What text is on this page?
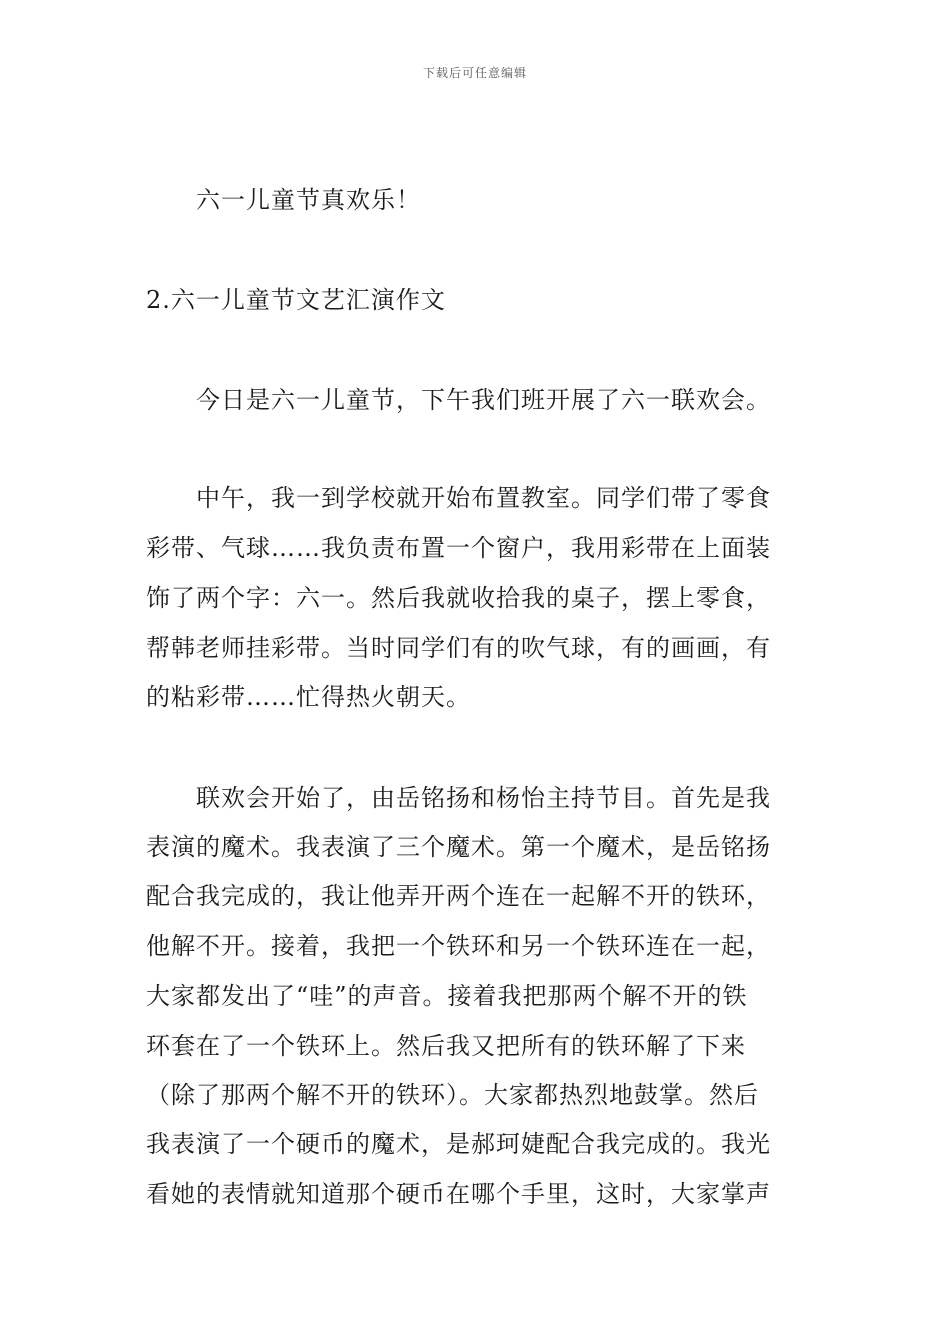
下载后可任意编辑
六一儿童节真欢乐！
2.六一儿童节文艺汇演作文
今日是六一儿童节，下午我们班开展了六一联欢会。
中午，我一到学校就开始布置教室。同学们带了零食
彩带、气球……我负责布置一个窗户，我用彩带在上面装
饰了两个字：六一。然后我就收拾我的桌子，摆上零食，
帮韩老师挂彩带。当时同学们有的吹气球，有的画画，有
的粘彩带……忙得热火朝天。
联欢会开始了，由岳铭扬和杨怡主持节目。首先是我
表演的魔术。我表演了三个魔术。第一个魔术，是岳铭扬
配合我完成的，我让他弄开两个连在一起解不开的铁环，
他解不开。接着，我把一个铁环和另一个铁环连在一起，
大家都发出了“哇”的声音。接着我把那两个解不开的铁
环套在了一个铁环上。然后我又把所有的铁环解了下来
（除了那两个解不开的铁环）。大家都热烈地鼓掌。然后
我表演了一个硬币的魔术，是郝珂婕配合我完成的。我光
看她的表情就知道那个硬币在哪个手里，这时，大家掌声
